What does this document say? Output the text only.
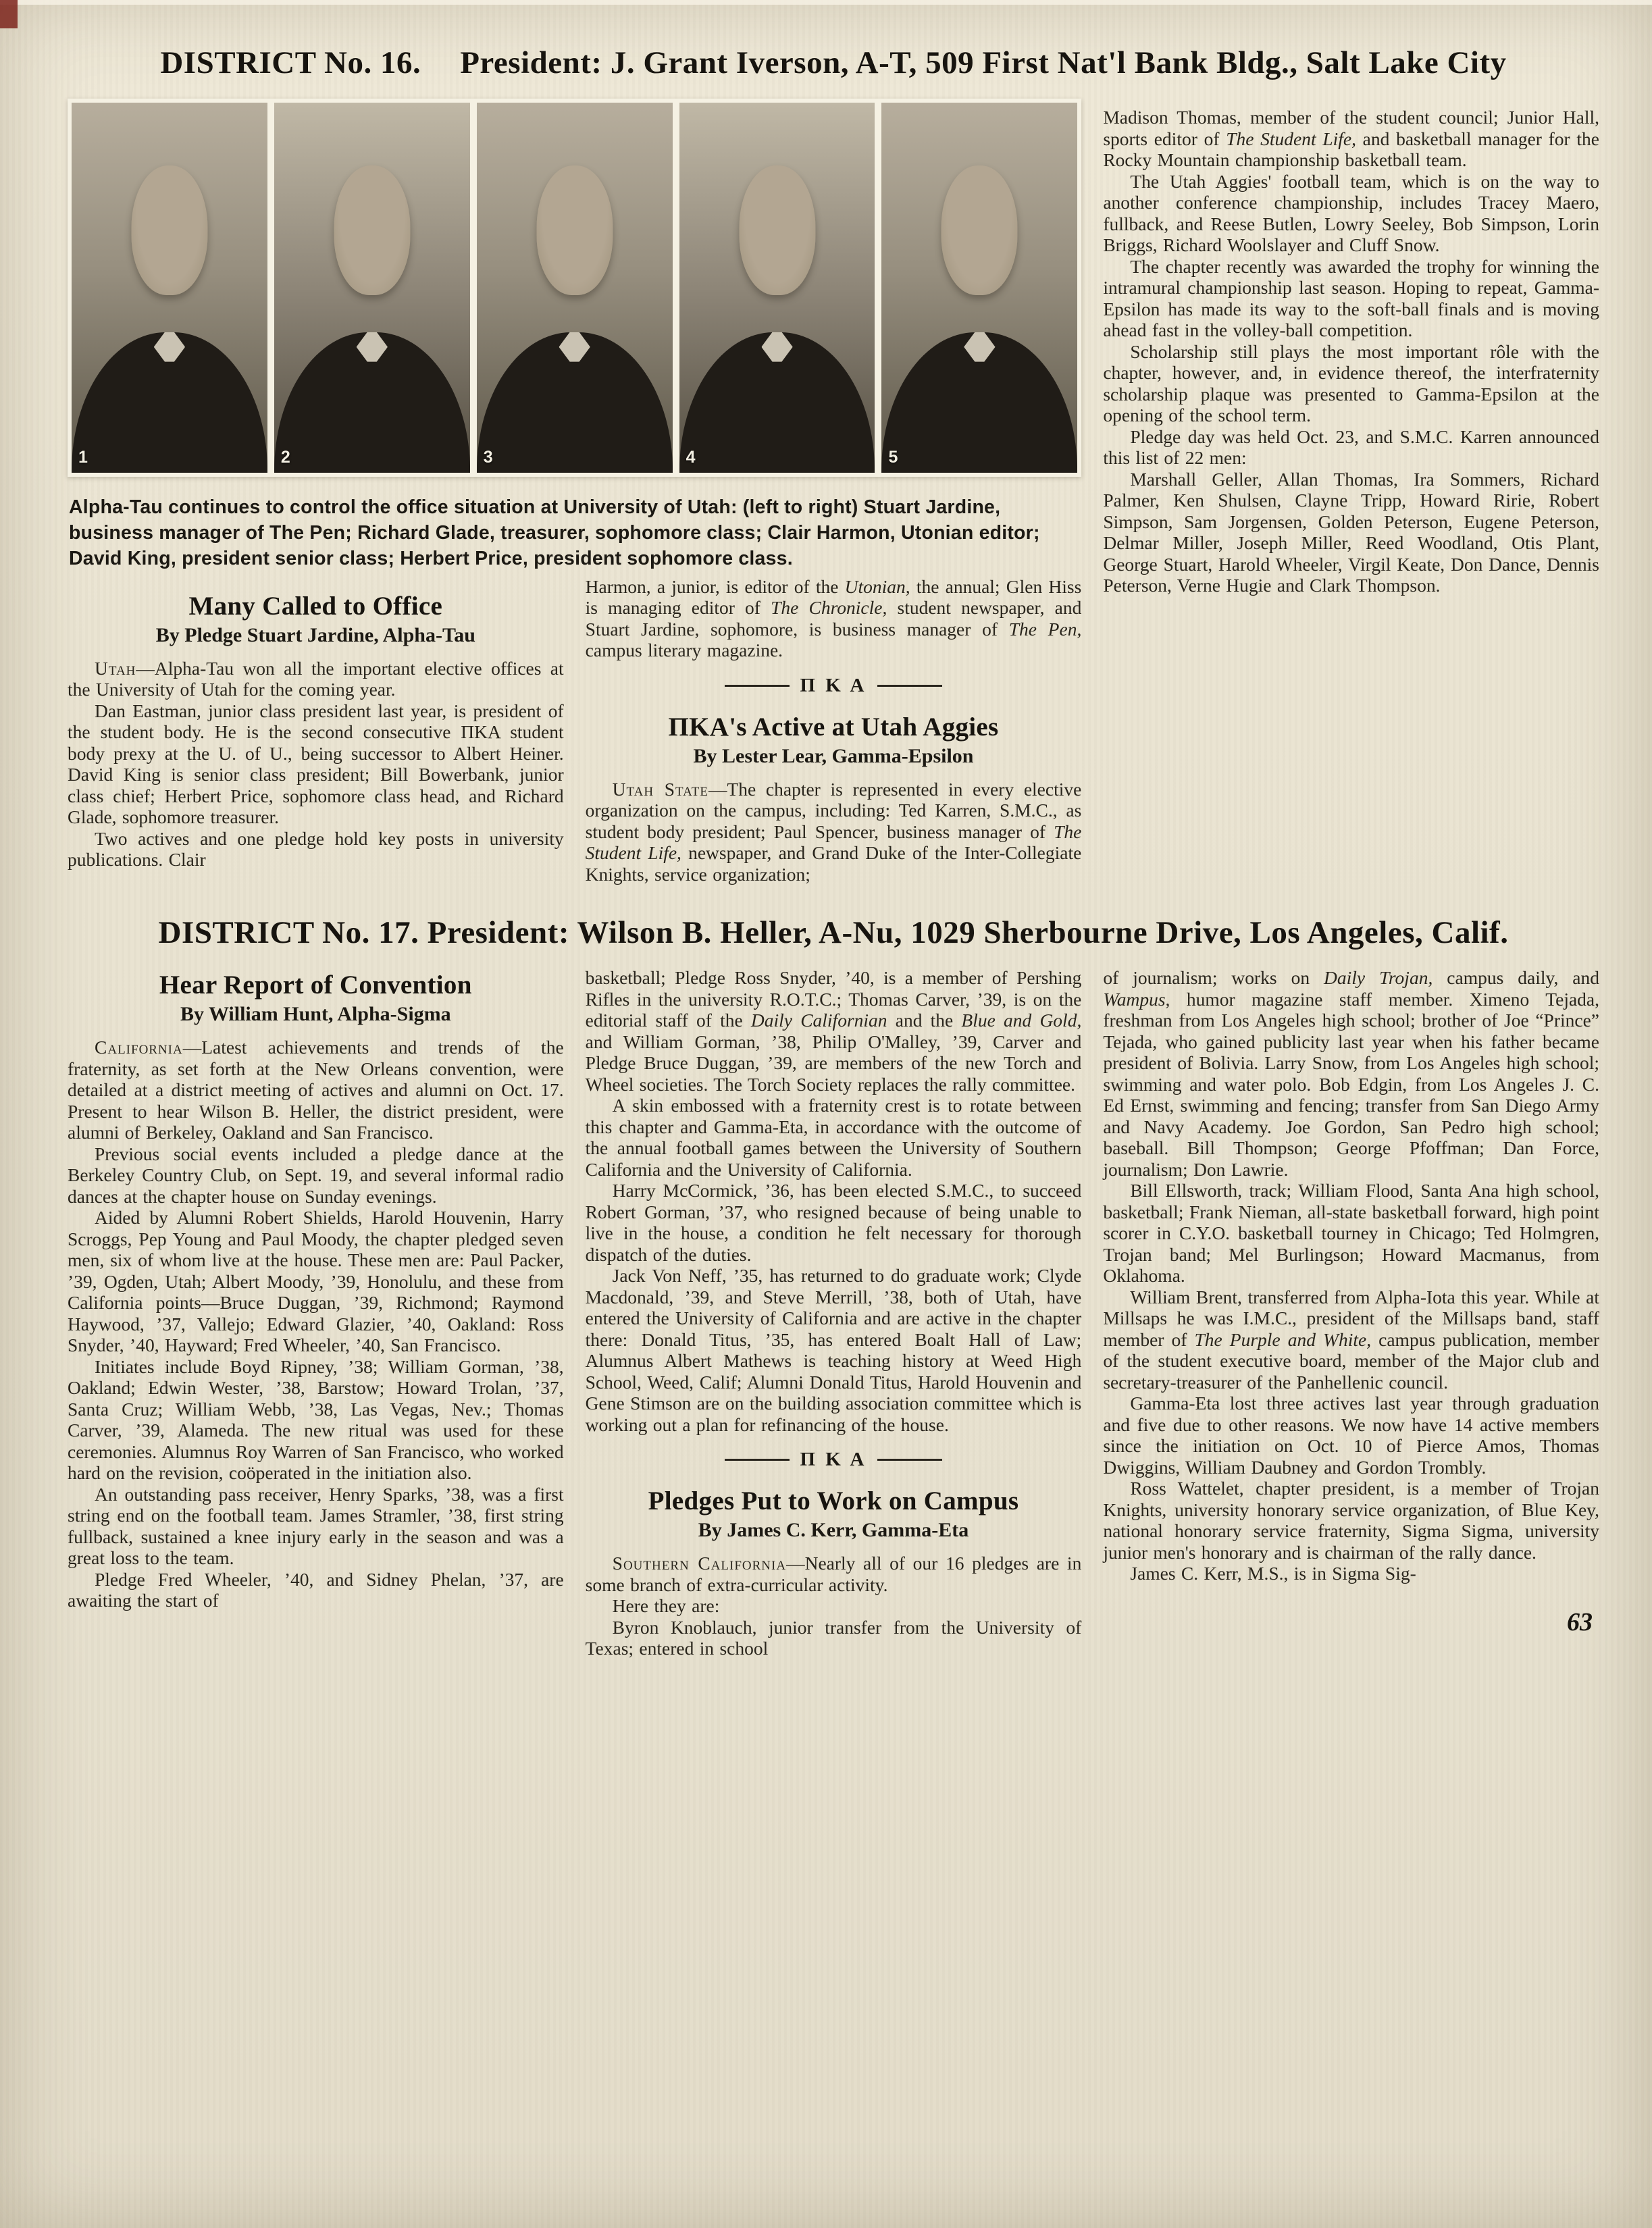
DISTRICT No. 16. President: J. Grant Iverson, A-T, 509 First Nat'l Bank Bldg., Salt Lake City
1	2	3	4	5

Alpha-Tau continues to control the office situation at University of Utah: (left to right) Stuart Jardine, business manager of The Pen; Richard Glade, treasurer, sophomore class; Clair Harmon, Utonian editor; David King, president senior class; Herbert Price, president sophomore class.

Many Called to Office
By Pledge Stuart Jardine, Alpha-Tau

Utah—Alpha-Tau won all the important elective offices at the University of Utah for the coming year.

Dan Eastman, junior class president last year, is president of the student body. He is the second consecutive ΠΚΑ student body prexy at the U. of U., being successor to Albert Heiner. David King is senior class president; Bill Bowerbank, junior class chief; Herbert Price, sophomore class head, and Richard Glade, sophomore treasurer.

Two actives and one pledge hold key posts in university publications. Clair

Harmon, a junior, is editor of the Utonian, the annual; Glen Hiss is managing editor of The Chronicle, student newspaper, and Stuart Jardine, sophomore, is business manager of The Pen, campus literary magazine.

Π Κ Α
ΠΚΑ's Active at Utah Aggies
By Lester Lear, Gamma-Epsilon

Utah State—The chapter is represented in every elective organization on the campus, including: Ted Karren, S.M.C., as student body president; Paul Spencer, business manager of The Student Life, newspaper, and Grand Duke of the Inter-Collegiate Knights, service organization;

Madison Thomas, member of the student council; Junior Hall, sports editor of The Student Life, and basketball manager for the Rocky Mountain championship basketball team.

The Utah Aggies' football team, which is on the way to another conference championship, includes Tracey Maero, fullback, and Reese Butlen, Lowry Seeley, Bob Simpson, Lorin Briggs, Richard Woolslayer and Cluff Snow.

The chapter recently was awarded the trophy for winning the intramural championship last season. Hoping to repeat, Gamma-Epsilon has made its way to the soft-ball finals and is moving ahead fast in the volley-ball competition.

Scholarship still plays the most important rôle with the chapter, however, and, in evidence thereof, the interfraternity scholarship plaque was presented to Gamma-Epsilon at the opening of the school term.

Pledge day was held Oct. 23, and S.M.C. Karren announced this list of 22 men:

Marshall Geller, Allan Thomas, Ira Sommers, Richard Palmer, Ken Shulsen, Clayne Tripp, Howard Ririe, Robert Simpson, Sam Jorgensen, Golden Peterson, Eugene Peterson, Delmar Miller, Joseph Miller, Reed Woodland, Otis Plant, George Stuart, Harold Wheeler, Virgil Keate, Don Dance, Dennis Peterson, Verne Hugie and Clark Thompson.

DISTRICT No. 17. President: Wilson B. Heller, A-Nu, 1029 Sherbourne Drive, Los Angeles, Calif.
Hear Report of Convention
By William Hunt, Alpha-Sigma

California—Latest achievements and trends of the fraternity, as set forth at the New Orleans convention, were detailed at a district meeting of actives and alumni on Oct. 17. Present to hear Wilson B. Heller, the district president, were alumni of Berkeley, Oakland and San Francisco.

Previous social events included a pledge dance at the Berkeley Country Club, on Sept. 19, and several informal radio dances at the chapter house on Sunday evenings.

Aided by Alumni Robert Shields, Harold Houvenin, Harry Scroggs, Pep Young and Paul Moody, the chapter pledged seven men, six of whom live at the house. These men are: Paul Packer, ’39, Ogden, Utah; Albert Moody, ’39, Honolulu, and these from California points—Bruce Duggan, ’39, Richmond; Raymond Haywood, ’37, Vallejo; Edward Glazier, ’40, Oakland: Ross Snyder, ’40, Hayward; Fred Wheeler, ’40, San Francisco.

Initiates include Boyd Ripney, ’38; William Gorman, ’38, Oakland; Edwin Wester, ’38, Barstow; Howard Trolan, ’37, Santa Cruz; William Webb, ’38, Las Vegas, Nev.; Thomas Carver, ’39, Alameda. The new ritual was used for these ceremonies. Alumnus Roy Warren of San Francisco, who worked hard on the revision, coöperated in the initiation also.

An outstanding pass receiver, Henry Sparks, ’38, was a first string end on the football team. James Stramler, ’38, first string fullback, sustained a knee injury early in the season and was a great loss to the team.

Pledge Fred Wheeler, ’40, and Sidney Phelan, ’37, are awaiting the start of

basketball; Pledge Ross Snyder, ’40, is a member of Pershing Rifles in the university R.O.T.C.; Thomas Carver, ’39, is on the editorial staff of the Daily Californian and the Blue and Gold, and William Gorman, ’38, Philip O'Malley, ’39, Carver and Pledge Bruce Duggan, ’39, are members of the new Torch and Wheel societies. The Torch Society replaces the rally committee.

A skin embossed with a fraternity crest is to rotate between this chapter and Gamma-Eta, in accordance with the outcome of the annual football games between the University of Southern California and the University of California.

Harry McCormick, ’36, has been elected S.M.C., to succeed Robert Gorman, ’37, who resigned because of being unable to live in the house, a condition he felt necessary for thorough dispatch of the duties.

Jack Von Neff, ’35, has returned to do graduate work; Clyde Macdonald, ’39, and Steve Merrill, ’38, both of Utah, have entered the University of California and are active in the chapter there: Donald Titus, ’35, has entered Boalt Hall of Law; Alumnus Albert Mathews is teaching history at Weed High School, Weed, Calif; Alumni Donald Titus, Harold Houvenin and Gene Stimson are on the building association committee which is working out a plan for refinancing of the house.

Π Κ Α
Pledges Put to Work on Campus
By James C. Kerr, Gamma-Eta

Southern California—Nearly all of our 16 pledges are in some branch of extra-curricular activity.

Here they are:

Byron Knoblauch, junior transfer from the University of Texas; entered in school

of journalism; works on Daily Trojan, campus daily, and Wampus, humor magazine staff member. Ximeno Tejada, freshman from Los Angeles high school; brother of Joe “Prince” Tejada, who gained publicity last year when his father became president of Bolivia. Larry Snow, from Los Angeles high school; swimming and water polo. Bob Edgin, from Los Angeles J. C. Ed Ernst, swimming and fencing; transfer from San Diego Army and Navy Academy. Joe Gordon, San Pedro high school; baseball. Bill Thompson; George Pfoffman; Dan Force, journalism; Don Lawrie.

Bill Ellsworth, track; William Flood, Santa Ana high school, basketball; Frank Nieman, all-state basketball forward, high point scorer in C.Y.O. basketball tourney in Chicago; Ted Holmgren, Trojan band; Mel Burlingson; Howard Macmanus, from Oklahoma.

William Brent, transferred from Alpha-Iota this year. While at Millsaps he was I.M.C., president of the Millsaps band, staff member of The Purple and White, campus publication, member of the student executive board, member of the Major club and secretary-treasurer of the Panhellenic council.

Gamma-Eta lost three actives last year through graduation and five due to other reasons. We now have 14 active members since the initiation on Oct. 10 of Pierce Amos, Thomas Dwiggins, William Daubney and Gordon Trombly.

Ross Wattelet, chapter president, is a member of Trojan Knights, university honorary service organization, of Blue Key, national honorary service fraternity, Sigma Sigma, university junior men's honorary and is chairman of the rally dance.

James C. Kerr, M.S., is in Sigma Sig-

63
